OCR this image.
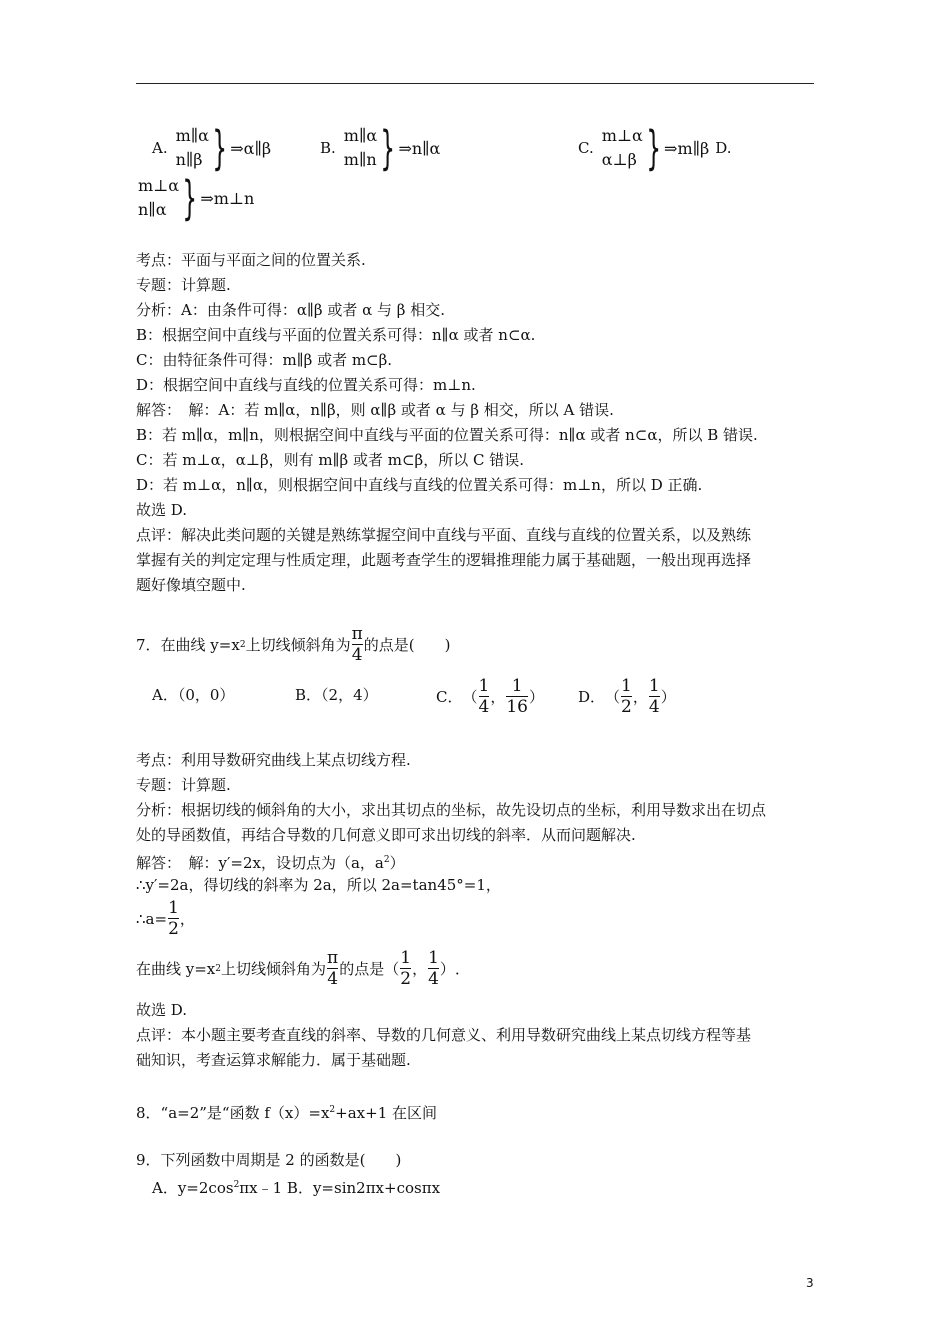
A.
m∥α
n∥β } ⇒α∥β	B.
m∥α
m∥n } ⇒n∥α	C.
m⊥α
α⊥β } ⇒m∥β D.
m⊥α
n∥α } ⇒m⊥n
考点：平面与平面之间的位置关系.
专题：计算题.
分析：A：由条件可得：α∥β 或者 α 与 β 相交.
B：根据空间中直线与平面的位置关系可得：n∥α 或者 n⊂α.
C：由特征条件可得：m∥β 或者 m⊂β.
D：根据空间中直线与直线的位置关系可得：m⊥n.
解答：　解：A：若 m∥α，n∥β，则 α∥β 或者 α 与 β 相交，所以 A 错误.
B：若 m∥α，m∥n，则根据空间中直线与平面的位置关系可得：n∥α 或者 n⊂α，所以 B 错误.
C：若 m⊥α，α⊥β，则有 m∥β 或者 m⊂β，所以 C 错误.
D：若 m⊥α，n∥α，则根据空间中直线与直线的位置关系可得：m⊥n，所以 D 正确.
故选 D.
点评：解决此类问题的关键是熟练掌握空间中直线与平面、直线与直线的位置关系，以及熟练
掌握有关的判定定理与性质定理，此题考查学生的逻辑推理能力属于基础题，一般出现再选择
题好像填空题中.
7．在曲线 y=x 2 上切线倾斜角为 $\frac{\pi}{4}$ 的点是(　　)
A．（0，0）	B．（2，4）	C． （ $\frac{1}{4}$ ， $\frac{1}{16}$ ） D． （ $\frac{1}{2}$ ， $\frac{1}{4}$ ）
考点：利用导数研究曲线上某点切线方程.
专题：计算题.
分析：根据切线的倾斜角的大小，求出其切点的坐标，故先设切点的坐标，利用导数求出在切点
处的导函数值，再结合导数的几何意义即可求出切线的斜率．从而问题解决.
解答：　解：y′=2x，设切点为（a，$a^2$）
∴y′=2a，得切线的斜率为 2a，所以 2a=tan45°=1，
∴a= $\frac{1}{2}$ ，
在曲线 y=x 2 上切线倾斜角为 $\frac{\pi}{4}$ 的点是 （ $\frac{1}{2}$ ， $\frac{1}{4}$ ） ．
故选 D.
点评：本小题主要考查直线的斜率、导数的几何意义、利用导数研究曲线上某点切线方程等基
础知识，考查运算求解能力．属于基础题.
8．“a=2”是“函数 $f(x)=x^2+ax+1$ 在区间
9．下列函数中周期是 2 的函数是(　　)
A．$y=2\cos^2\pi x﹣1$ B．y=sin2πx+cosπx
3
